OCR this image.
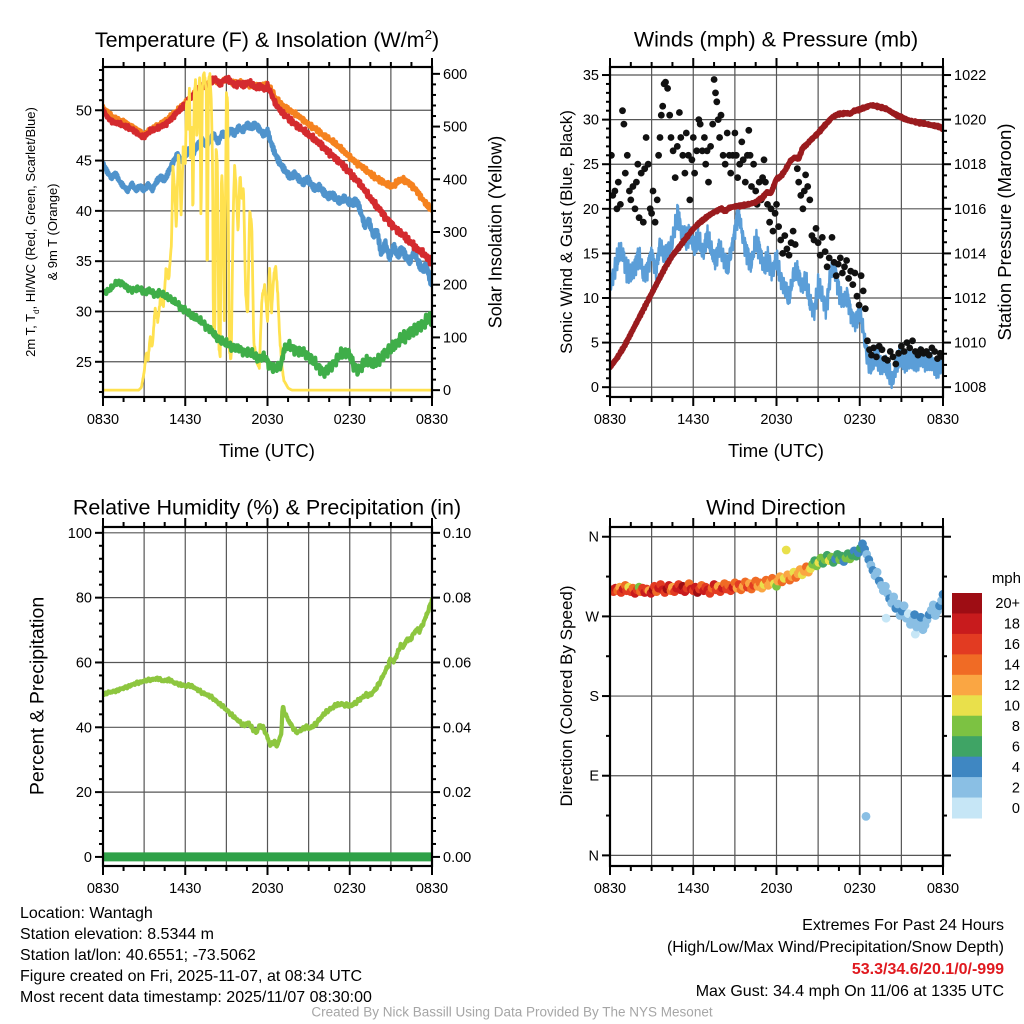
0830	1430	2030	0230	0830
25
30
35
40
45
50
0
100
200
300
400
500
600
0830	1430	2030	0230	0830
0
5
10
15
20
25
30
35
1008
1010
1012
1014
1016
1018
1020
1022
0830	1430	2030	0230	0830
0
20
40
60
80
100
0.00
0.02
0.04
0.06
0.08
0.10
0830	1430	2030	0230	0830
N
E
S
W
N
20+
18
16
14
12
10
8
6
4
2
0
mph
Temperature (F) & Insolation $(W/m^2)$	Winds (mph) & Pressure (mb)
Relative Humidity (%) & Precipitation (in)	Wind Direction
2m T, $T_d$, HI/WC (Red, Green, Scarlet/Blue) & 9m T (Orange)	Solar Insolation (Yellow)	Sonic Wind & Gust (Blue, Black)	Station Pressure (Maroon)
Percent & Precipitation	Direction (Colored By Speed)
Time (UTC)	Time (UTC)
Location: Wantagh
Station elevation: 8.5344 m
Station lat/lon: 40.6551; -73.5062
Figure created on Fri, 2025-11-07, at 08:34 UTC
Most recent data timestamp: 2025/11/07 08:30:00
Extremes For Past 24 Hours
(High/Low/Max Wind/Precipitation/Snow Depth)
53.3/34.6/20.1/0/-999
Max Gust: 34.4 mph On 11/06 at 1335 UTC
Created By Nick Bassill Using Data Provided By The NYS Mesonet
